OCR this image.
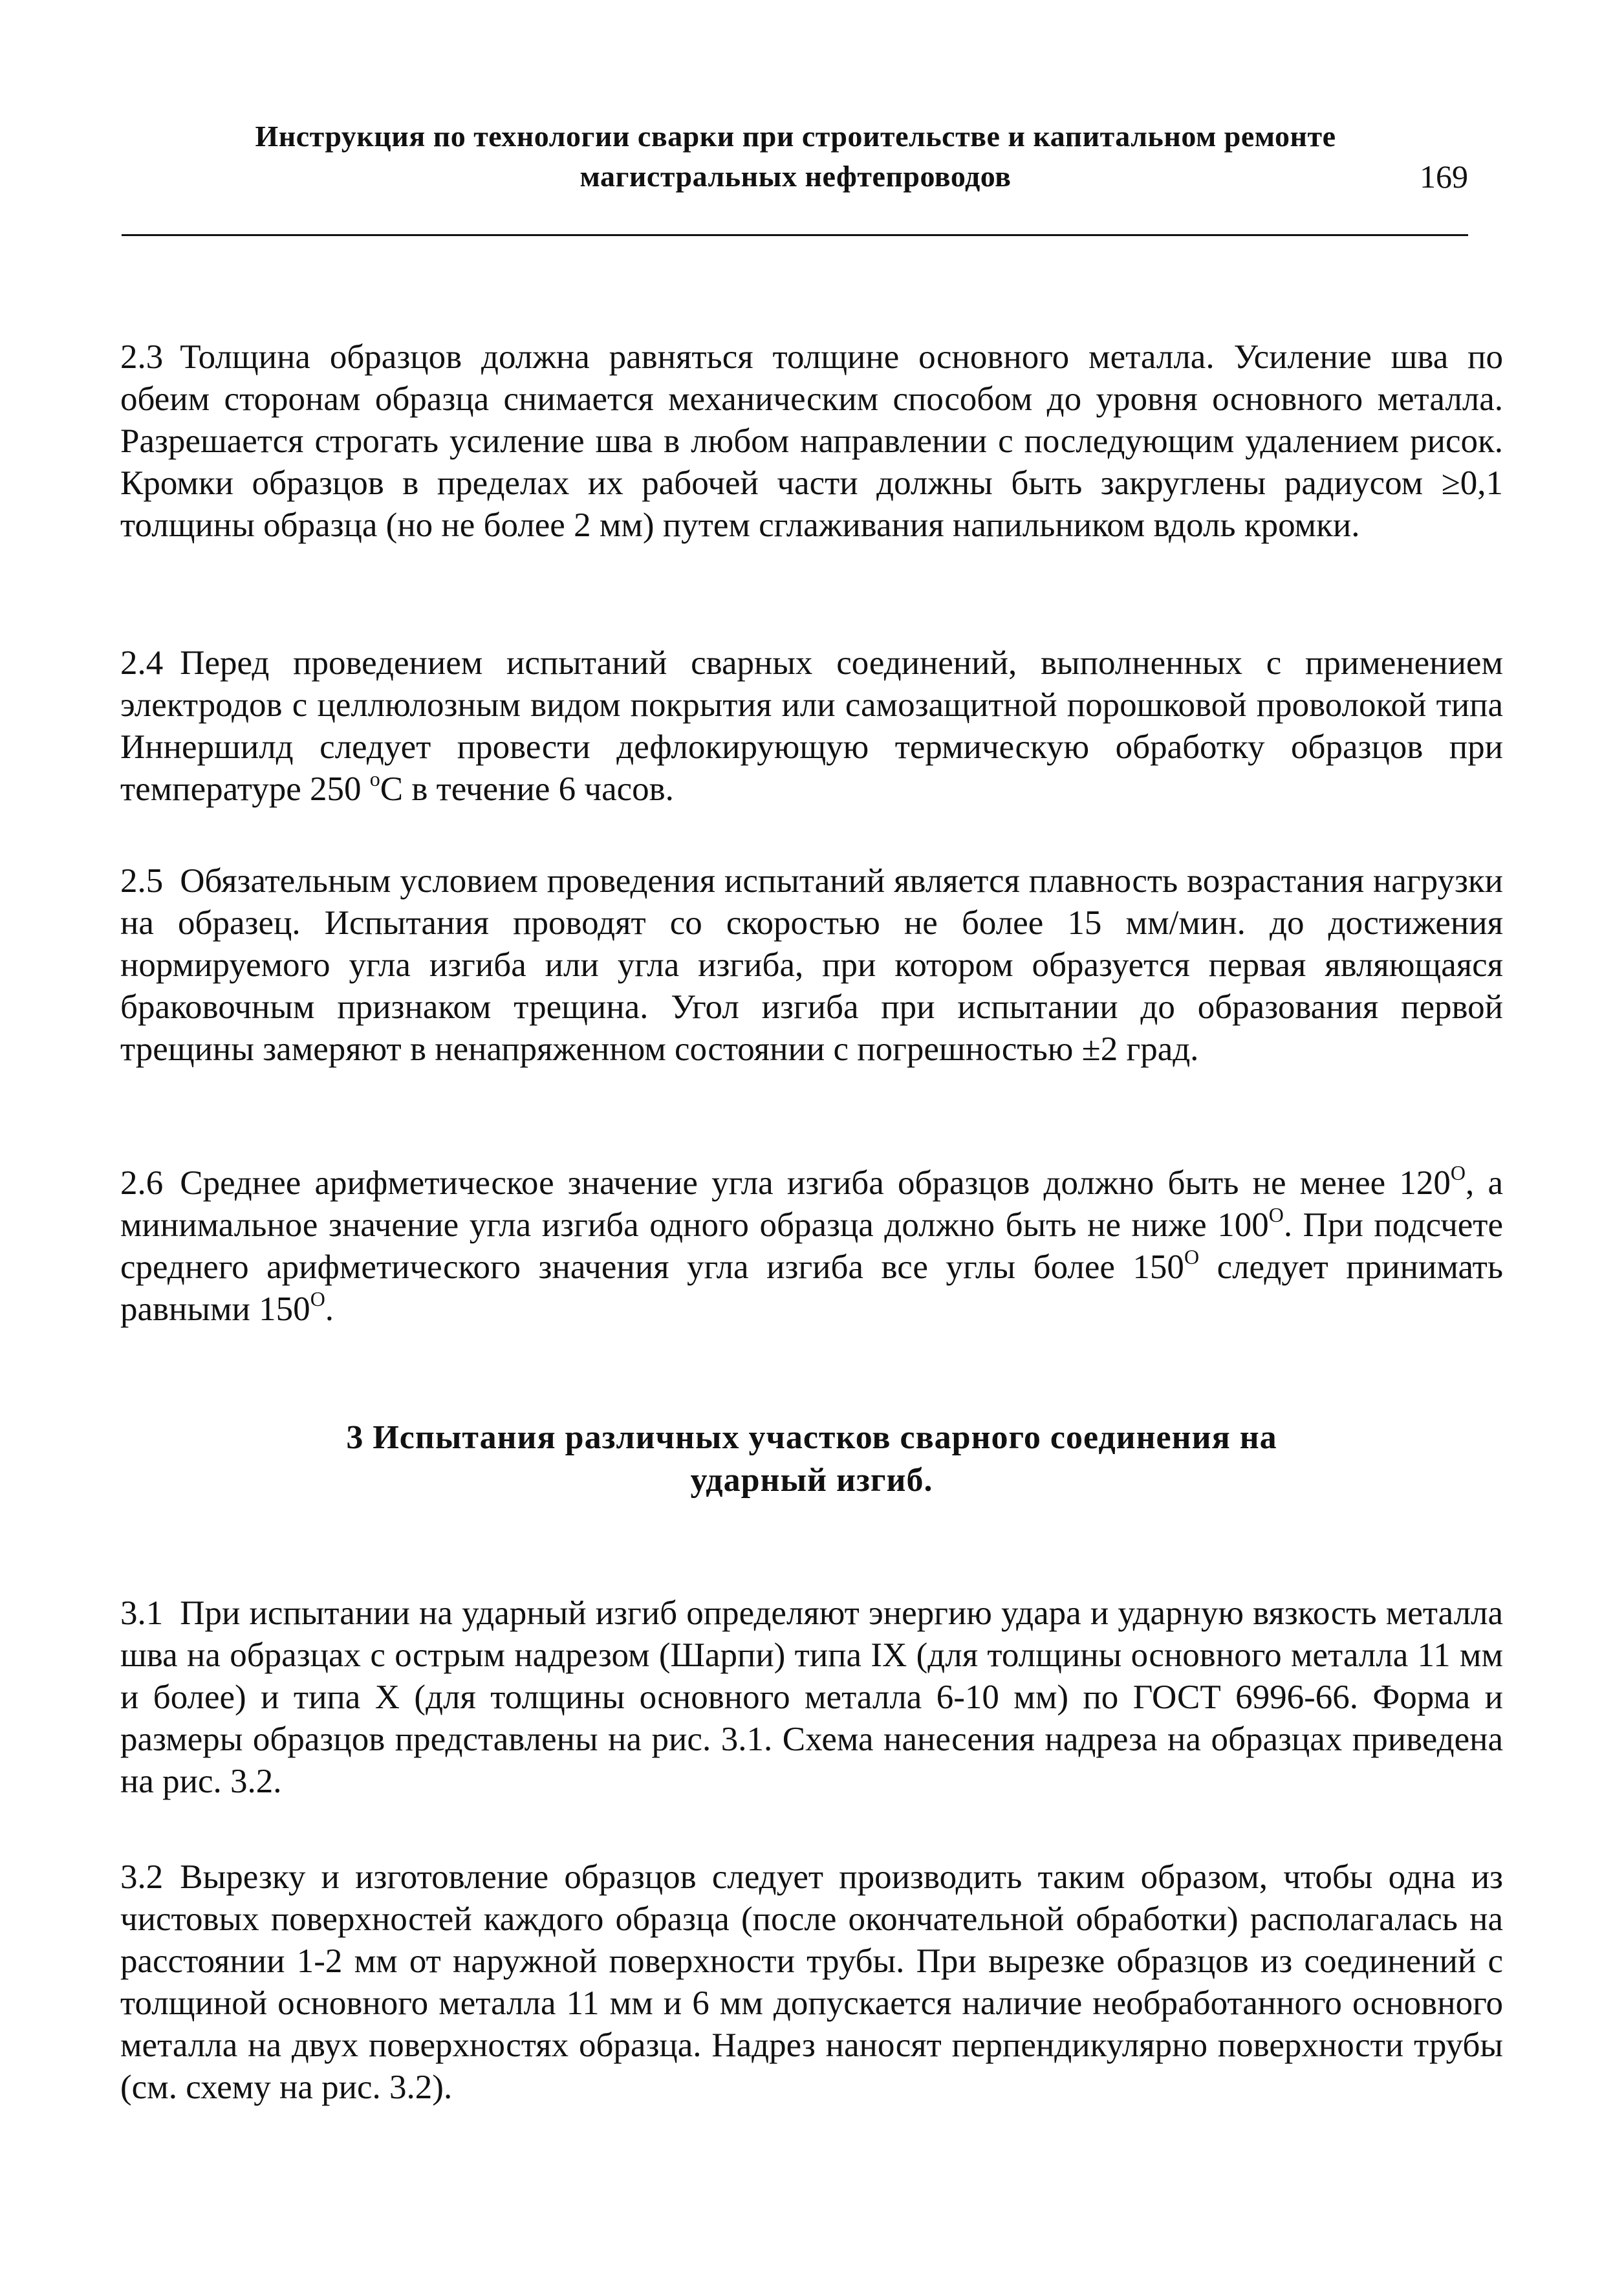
Инструкция по технологии сварки при строительстве и капитальном ремонте
магистральных нефтепроводов	169
2.3 Толщина образцов должна равняться толщине основного металла. Усиление шва по обеим сторонам образца снимается механическим способом до уровня основного металла. Разрешается строгать усиление шва в любом направлении с последующим удалением рисок. Кромки образцов в пределах их рабочей части должны быть закруглены радиусом ≥0,1 толщины образца (но не более 2 мм) путем сглаживания напильником вдоль кромки.
2.4 Перед проведением испытаний сварных соединений, выполненных с применением электродов с целлюлозным видом покрытия или самозащитной порошковой проволокой типа Иннершилд следует провести дефлокирующую термическую обработку образцов при температуре 250 $^о$С в течение 6 часов.
2.5 Обязательным условием проведения испытаний является плавность возрастания нагрузки на образец. Испытания проводят со скоростью не более 15 мм/мин. до достижения нормируемого угла изгиба или угла изгиба, при котором образуется первая являющаяся браковочным признаком трещина. Угол изгиба при испытании до образования первой трещины замеряют в ненапряженном состоянии с погрешностью ±2 град.
2.6 Среднее арифметическое значение угла изгиба образцов должно быть не менее $120^О$, а минимальное значение угла изгиба одного образца должно быть не ниже $100^О$. При подсчете среднего арифметического значения угла изгиба все углы более $150^О$ следует принимать равными $150^О$.
3 Испытания различных участков сварного соединения на
ударный изгиб.
3.1 При испытании на ударный изгиб определяют энергию удара и ударную вязкость металла шва на образцах с острым надрезом (Шарпи) типа IX (для толщины основного металла 11 мм и более) и типа X (для толщины основного металла 6-10 мм) по ГОСТ 6996-66. Форма и размеры образцов представлены на рис. 3.1. Схема нанесения надреза на образцах приведена на рис. 3.2.
3.2 Вырезку и изготовление образцов следует производить таким образом, чтобы одна из чистовых поверхностей каждого образца (после окончательной обработки) располагалась на расстоянии 1-2 мм от наружной поверхности трубы. При вырезке образцов из соединений с толщиной основного металла 11 мм и 6 мм допускается наличие необработанного основного металла на двух поверхностях образца. Надрез наносят перпендикулярно поверхности трубы (см. схему на рис. 3.2).
